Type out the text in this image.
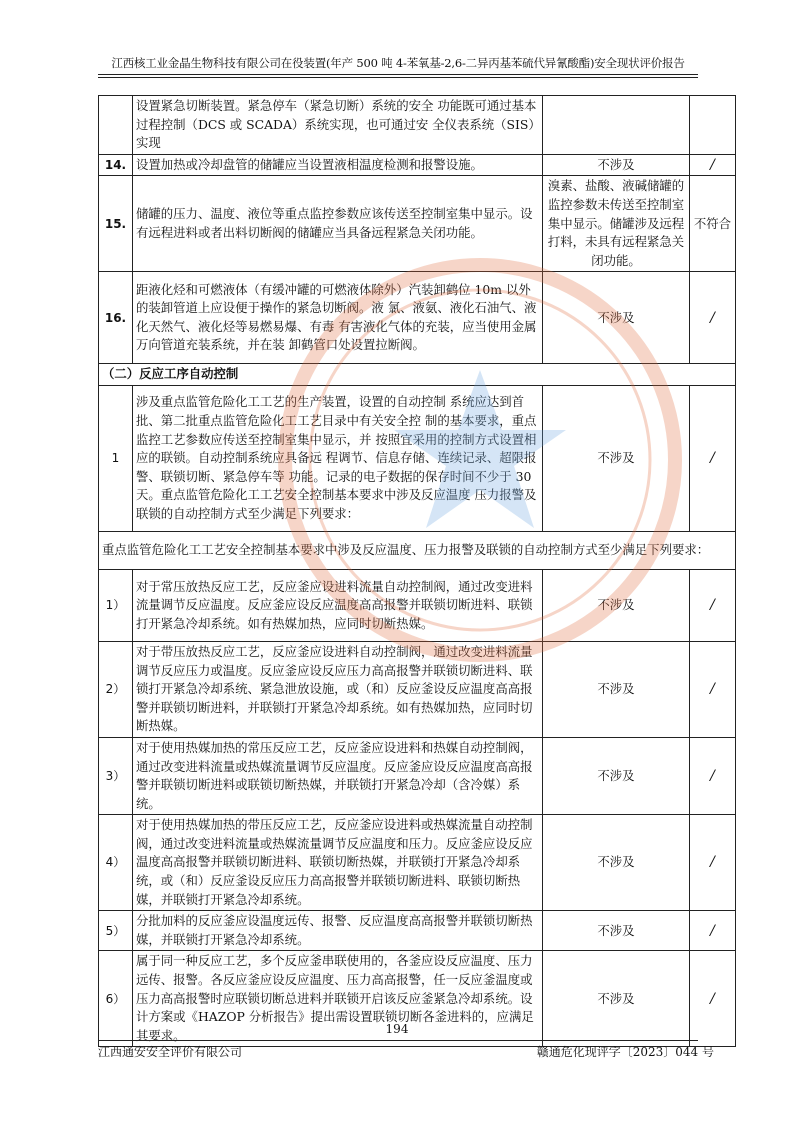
江西核工业金晶生物科技有限公司在役装置(年产 500 吨 4-苯氧基-2,6-二异丙基苯硫代异氰酸酯)安全现状评价报告
	设置紧急切断装置。紧急停车（紧急切断）系统的安全 功能既可通过基本过程控制（DCS 或 SCADA）系统实现，也可通过安 全仪表系统（SIS）实现		
14.	设置加热或冷却盘管的储罐应当设置液相温度检测和报警设施。	不涉及	/
15.	储罐的压力、温度、液位等重点监控参数应该传送至控制室集中显示。设有远程进料或者出料切断阀的储罐应当具备远程紧急关闭功能。	溴素、盐酸、液碱储罐的监控参数未传送至控制室集中显示。储罐涉及远程打料，未具有远程紧急关闭功能。	不符合
16.	距液化烃和可燃液体（有缓冲罐的可燃液体除外）汽装卸鹤位 10m 以外的装卸管道上应设便于操作的紧急切断阀。液 氯、液氨、液化石油气、液化天然气、液化烃等易燃易爆、有毒 有害液化气体的充装，应当使用金属万向管道充装系统，并在装 卸鹤管口处设置拉断阀。	不涉及	/
（二）反应工序自动控制			
1	涉及重点监管危险化工工艺的生产装置，设置的自动控制 系统应达到首批、第二批重点监管危险化工工艺目录中有关安全控 制的基本要求，重点监控工艺参数应传送至控制室集中显示，并 按照宜采用的控制方式设置相应的联锁。自动控制系统应具备远 程调节、信息存储、连续记录、超限报警、联锁切断、紧急停车等 功能。记录的电子数据的保存时间不少于 30 天。重点监管危险化工工艺安全控制基本要求中涉及反应温度 压力报警及联锁的自动控制方式至少满足下列要求：	不涉及	/
重点监管危险化工工艺安全控制基本要求中涉及反应温度、压力报警及联锁的自动控制方式至少满足下列要求：			
1）	对于常压放热反应工艺，反应釜应设进料流量自动控制阀，通过改变进料流量调节反应温度。反应釜应设反应温度高高报警并联锁切断进料、联锁打开紧急冷却系统。如有热媒加热，应同时切断热媒。	不涉及	/
2）	对于带压放热反应工艺，反应釜应设进料自动控制阀，通过改变进料流量调节反应压力或温度。反应釜应设反应压力高高报警并联锁切断进料、联锁打开紧急冷却系统、紧急泄放设施，或（和）反应釜设反应温度高高报警并联锁切断进料，并联锁打开紧急冷却系统。如有热媒加热，应同时切断热媒。	不涉及	/
3）	对于使用热媒加热的常压反应工艺，反应釜应设进料和热媒自动控制阀，通过改变进料流量或热媒流量调节反应温度。反应釜应设反应温度高高报警并联锁切断进料或联锁切断热媒，并联锁打开紧急冷却（含冷媒）系统。	不涉及	/
4）	对于使用热媒加热的带压反应工艺，反应釜应设进料或热媒流量自动控制阀，通过改变进料流量或热媒流量调节反应温度和压力。反应釜应设反应温度高高报警并联锁切断进料、联锁切断热媒，并联锁打开紧急冷却系统，或（和）反应釜设反应压力高高报警并联锁切断进料、联锁切断热媒，并联锁打开紧急冷却系统。	不涉及	/
5）	分批加料的反应釜应设温度远传、报警、反应温度高高报警并联锁切断热媒，并联锁打开紧急冷却系统。	不涉及	/
6）	属于同一种反应工艺，多个反应釜串联使用的，各釜应设反应温度、压力远传、报警。各反应釜应设反应温度、压力高高报警，任一反应釜温度或压力高高报警时应联锁切断总进料并联锁开启该反应釜紧急冷却系统。设计方案或《HAZOP 分析报告》提出需设置联锁切断各釜进料的，应满足其要求。	不涉及	/
194
江西通安安全评价有限公司	赣通危化现评字〔2023〕044 号
